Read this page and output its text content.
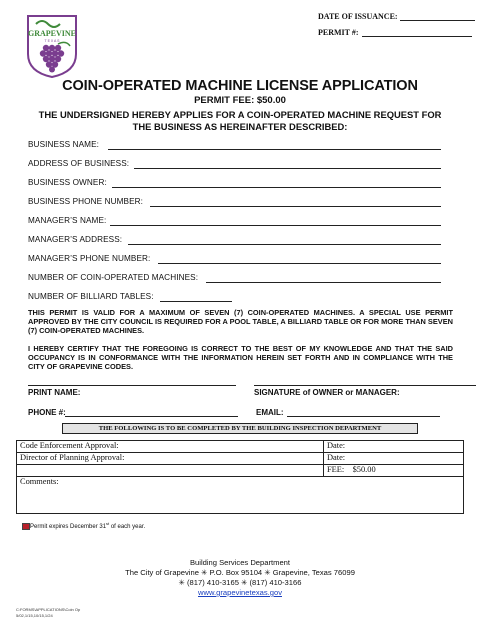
DATE OF ISSUANCE:
PERMIT #:
GRAPEVINE
T E X A S
COIN-OPERATED MACHINE LICENSE APPLICATION
PERMIT FEE: $50.00
THE UNDERSIGNED HEREBY APPLIES FOR A COIN-OPERATED MACHINE REQUEST FOR
THE BUSINESS AS HEREINAFTER DESCRIBED:
BUSINESS NAME:
ADDRESS OF BUSINESS:
BUSINESS OWNER:
BUSINESS PHONE NUMBER:
MANAGER’S NAME:
MANAGER’S ADDRESS:
MANAGER’S PHONE NUMBER:
NUMBER OF COIN-OPERATED MACHINES:
NUMBER OF BILLIARD TABLES:
THIS PERMIT IS VALID FOR A MAXIMUM OF SEVEN (7) COIN-OPERATED MACHINES. A SPECIAL USE PERMIT APPROVED BY THE CITY COUNCIL IS REQUIRED FOR A POOL TABLE, A BILLIARD TABLE OR FOR MORE THAN SEVEN (7) COIN-OPERATED MACHINES.
I HEREBY CERTIFY THAT THE FOREGOING IS CORRECT TO THE BEST OF MY KNOWLEDGE AND THAT THE SAID OCCUPANCY IS IN CONFORMANCE WITH THE INFORMATION HEREIN SET FORTH AND IN COMPLIANCE WITH THE CITY OF GRAPEVINE CODES.
PRINT NAME:	SIGNATURE of OWNER or MANAGER:
PHONE #:	EMAIL:
THE FOLLOWING IS TO BE COMPLETED BY THE BUILDING INSPECTION DEPARTMENT
Code Enforcement Approval:	Date:
Director of Planning Approval:	Date:
	FEE: $50.00
Comments:	
Permit expires December 31st of each year.
Building Services Department
The City of Grapevine ✳ P.O. Box 95104 ✳ Grapevine, Texas 76099
✳ (817) 410-3165 ✳ (817) 410-3166
www.grapevinetexas.gov
C:FORMS\APPLICATIONS\Coin Op
5/02,1/15,10/15,1/24
